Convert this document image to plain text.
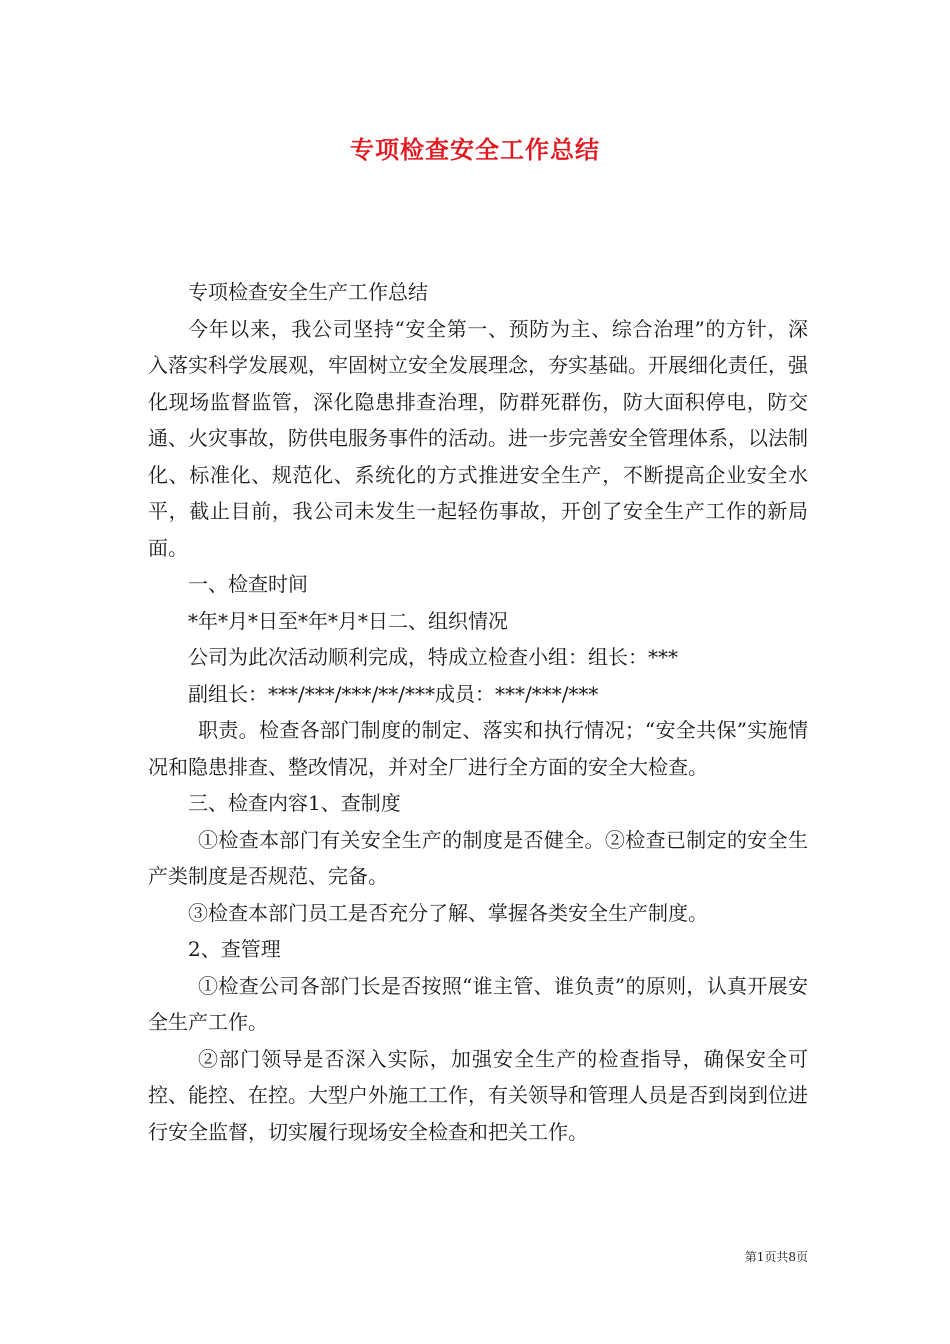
专项检查安全工作总结

专项检查安全生产工作总结

今年以来，我公司坚持“安全第一、预防为主、综合治理”的方针，深入落实科学发展观，牢固树立安全发展理念，夯实基础。开展细化责任，强化现场监督监管，深化隐患排查治理，防群死群伤，防大面积停电，防交通、火灾事故，防供电服务事件的活动。进一步完善安全管理体系，以法制化、标准化、规范化、系统化的方式推进安全生产，不断提高企业安全水平，截止目前，我公司未发生一起轻伤事故，开创了安全生产工作的新局面。

一、检查时间

*年*月*日至*年*月*日二、组织情况

公司为此次活动顺利完成，特成立检查小组：组长：***

副组长：***/***/***/**/***成员：***/***/***

职责。检查各部门制度的制定、落实和执行情况；“安全共保”实施情况和隐患排查、整改情况，并对全厂进行全方面的安全大检查。

三、检查内容1、查制度

①检查本部门有关安全生产的制度是否健全。②检查已制定的安全生产类制度是否规范、完备。

③检查本部门员工是否充分了解、掌握各类安全生产制度。

2、查管理

①检查公司各部门长是否按照“谁主管、谁负责”的原则，认真开展安全生产工作。

②部门领导是否深入实际，加强安全生产的检查指导，确保安全可控、能控、在控。大型户外施工工作，有关领导和管理人员是否到岗到位进行安全监督，切实履行现场安全检查和把关工作。

第1页共8页
